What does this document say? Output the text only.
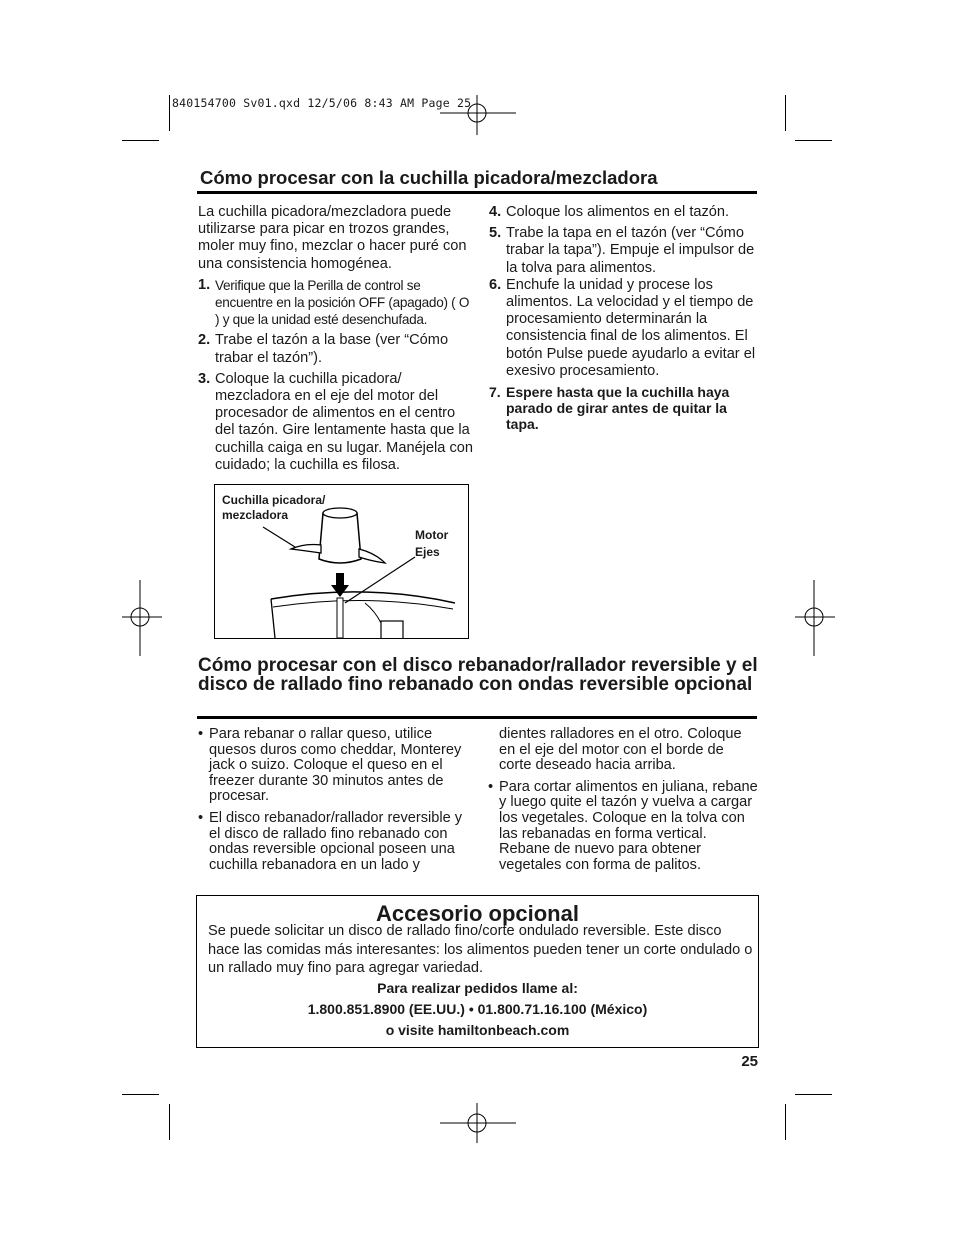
840154700 Sv01.qxd 12/5/06 8:43 AM Page 25
Cómo procesar con la cuchilla picadora/mezcladora
La cuchilla picadora/mezcladora puede utilizarse para picar en trozos grandes, moler muy fino, mezclar o hacer puré con una consistencia homogénea.
1. Verifique que la Perilla de control se encuentre en la posición OFF (apagado) ( O ) y que la unidad esté desenchufada.
2. Trabe el tazón a la base (ver “Cómo trabar el tazón”).
3. Coloque la cuchilla picadora/ mezcladora en el eje del motor del procesador de alimentos en el centro del tazón. Gire lentamente hasta que la cuchilla caiga en su lugar. Manéjela con cuidado; la cuchilla es filosa.
4. Coloque los alimentos en el tazón.
5. Trabe la tapa en el tazón (ver “Cómo trabar la tapa”). Empuje el impulsor de la tolva para alimentos.
6. Enchufe la unidad y procese los alimentos. La velocidad y el tiempo de procesamiento determinarán la consistencia final de los alimentos. El botón Pulse puede ayudarlo a evitar el exesivo procesamiento.
7. Espere hasta que la cuchilla haya parado de girar antes de quitar la tapa.
Cuchilla picadora/ mezcladora
Motor
Ejes
Cómo procesar con el disco rebanador/rallador reversible y el disco de rallado fino rebanado con ondas reversible opcional
• Para rebanar o rallar queso, utilice quesos duros como cheddar, Monterey jack o suizo. Coloque el queso en el freezer durante 30 minutos antes de procesar.
• El disco rebanador/rallador reversible y el disco de rallado fino rebanado con ondas reversible opcional poseen una cuchilla rebanadora en un lado y
dientes ralladores en el otro. Coloque en el eje del motor con el borde de corte deseado hacia arriba.
• Para cortar alimentos en juliana, rebane y luego quite el tazón y vuelva a cargar los vegetales. Coloque en la tolva con las rebanadas en forma vertical. Rebane de nuevo para obtener vegetales con forma de palitos.
Accesorio opcional
Se puede solicitar un disco de rallado fino/corte ondulado reversible. Este disco hace las comidas más interesantes: los alimentos pueden tener un corte ondulado o un rallado muy fino para agregar variedad.
Para realizar pedidos llame al:
1.800.851.8900 (EE.UU.) • 01.800.71.16.100 (México)
o visite hamiltonbeach.com
25
